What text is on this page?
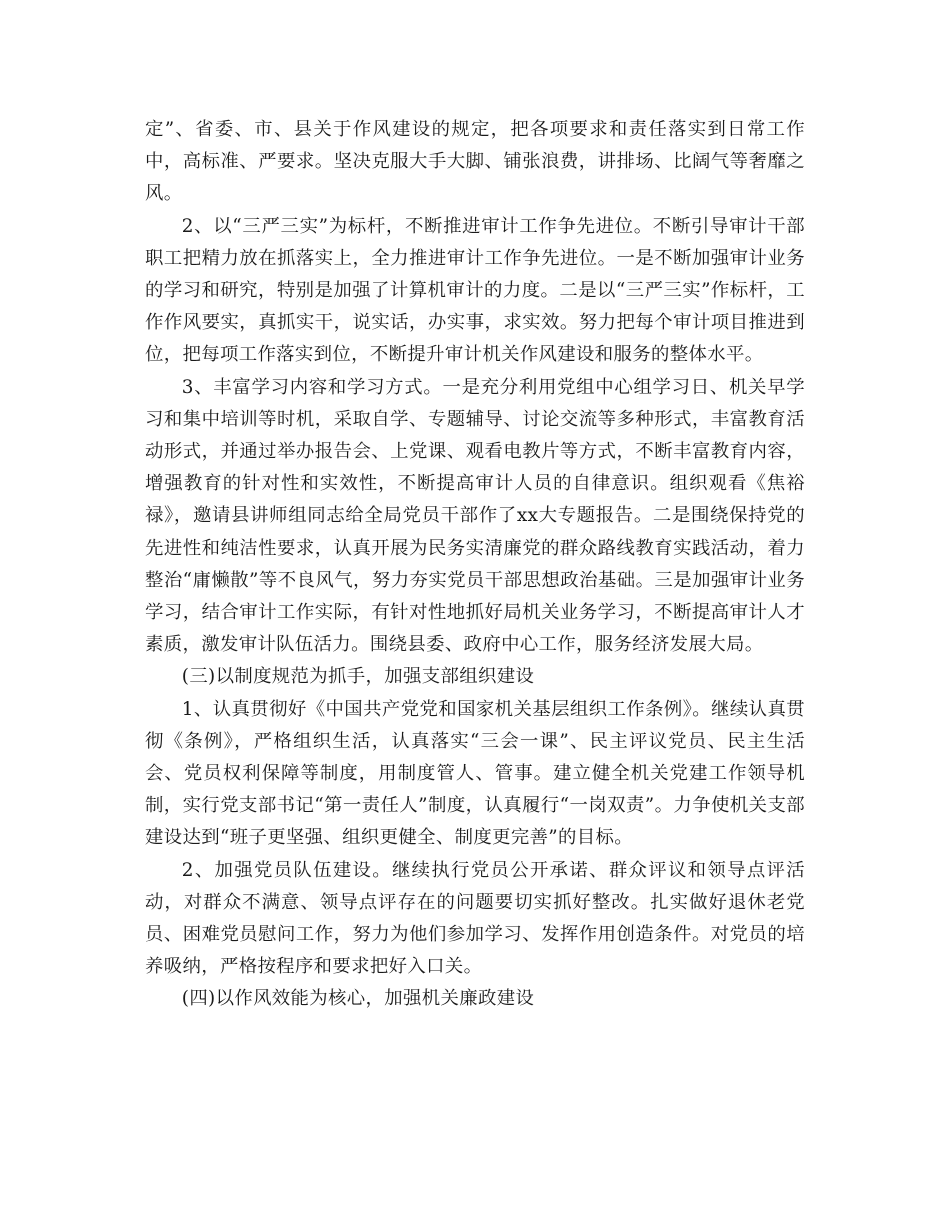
定”、省委、市、县关于作风建设的规定，把各项要求和责任落实到日常工作中，高标准、严要求。坚决克服大手大脚、铺张浪费，讲排场、比阔气等奢靡之风。

2、以“三严三实”为标杆，不断推进审计工作争先进位。不断引导审计干部职工把精力放在抓落实上，全力推进审计工作争先进位。一是不断加强审计业务的学习和研究，特别是加强了计算机审计的力度。二是以“三严三实”作标杆，工作作风要实，真抓实干，说实话，办实事，求实效。努力把每个审计项目推进到位，把每项工作落实到位，不断提升审计机关作风建设和服务的整体水平。

3、丰富学习内容和学习方式。一是充分利用党组中心组学习日、机关早学习和集中培训等时机，采取自学、专题辅导、讨论交流等多种形式，丰富教育活动形式，并通过举办报告会、上党课、观看电教片等方式，不断丰富教育内容，增强教育的针对性和实效性，不断提高审计人员的自律意识。组织观看《焦裕禄》，邀请县讲师组同志给全局党员干部作了xx大专题报告。二是围绕保持党的先进性和纯洁性要求，认真开展为民务实清廉党的群众路线教育实践活动，着力整治“庸懒散”等不良风气，努力夯实党员干部思想政治基础。三是加强审计业务学习，结合审计工作实际，有针对性地抓好局机关业务学习，不断提高审计人才素质，激发审计队伍活力。围绕县委、政府中心工作，服务经济发展大局。

(三)以制度规范为抓手，加强支部组织建设

1、认真贯彻好《中国共产党党和国家机关基层组织工作条例》。继续认真贯彻《条例》，严格组织生活，认真落实“三会一课”、民主评议党员、民主生活会、党员权利保障等制度，用制度管人、管事。建立健全机关党建工作领导机制，实行党支部书记“第一责任人”制度，认真履行“一岗双责”。力争使机关支部建设达到“班子更坚强、组织更健全、制度更完善”的目标。

2、加强党员队伍建设。继续执行党员公开承诺、群众评议和领导点评活动，对群众不满意、领导点评存在的问题要切实抓好整改。扎实做好退休老党员、困难党员慰问工作，努力为他们参加学习、发挥作用创造条件。对党员的培养吸纳，严格按程序和要求把好入口关。

(四)以作风效能为核心，加强机关廉政建设
